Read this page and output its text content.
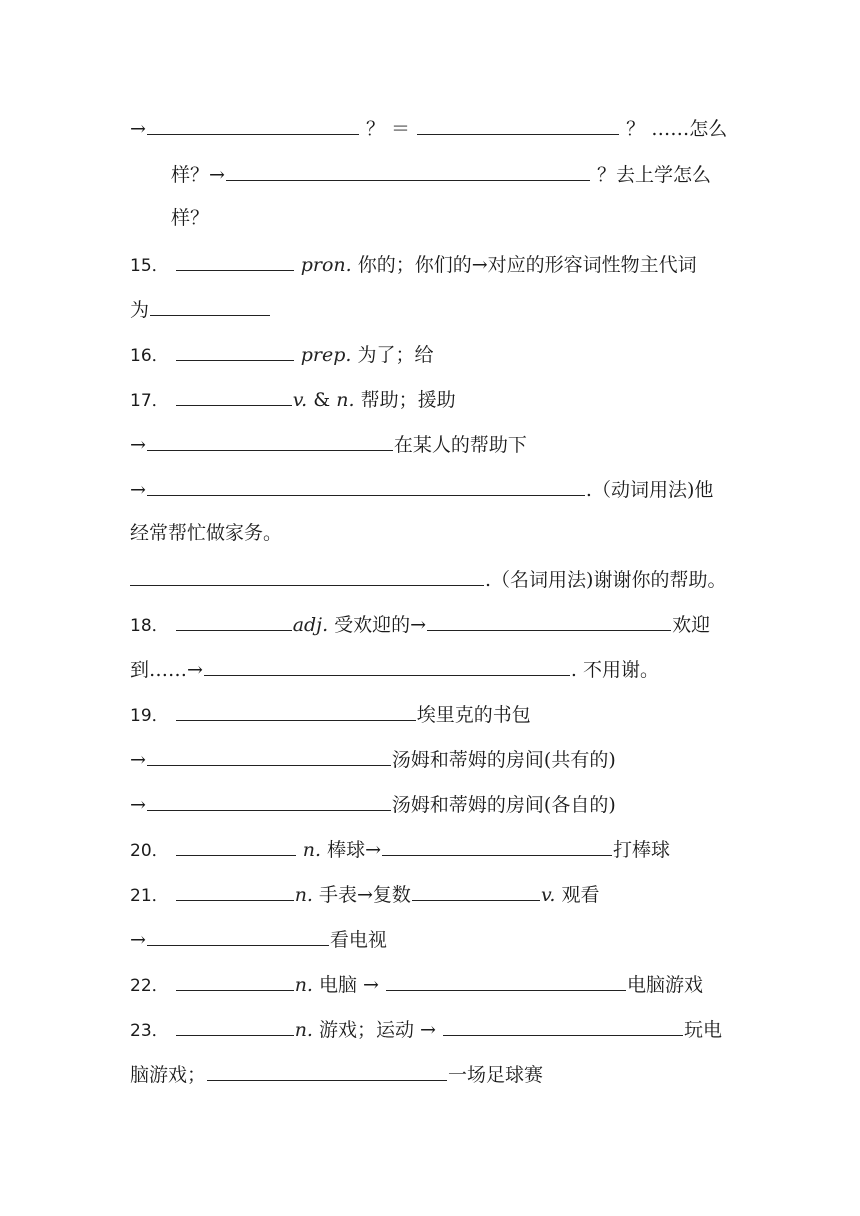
→	？ ＝	？ ……怎么
样？→	？去上学怎么
样？
15．	pron. 你的；你们的→对应的形容词性物主代词
为
16．	prep. 为了；给
17．	v. & n. 帮助；援助
→	在某人的帮助下
→	.（动词用法)他
经常帮忙做家务。
.（名词用法)谢谢你的帮助。
18．	adj. 受欢迎的→	欢迎
到……→	. 不用谢。
19．	埃里克的书包
→	汤姆和蒂姆的房间(共有的)
→	汤姆和蒂姆的房间(各自的)
20．	n. 棒球→	打棒球
21．	n. 手表→复数	v. 观看
→	看电视
22．	n. 电脑 →	电脑游戏
23．	n. 游戏；运动 →	玩电
脑游戏；	一场足球赛
